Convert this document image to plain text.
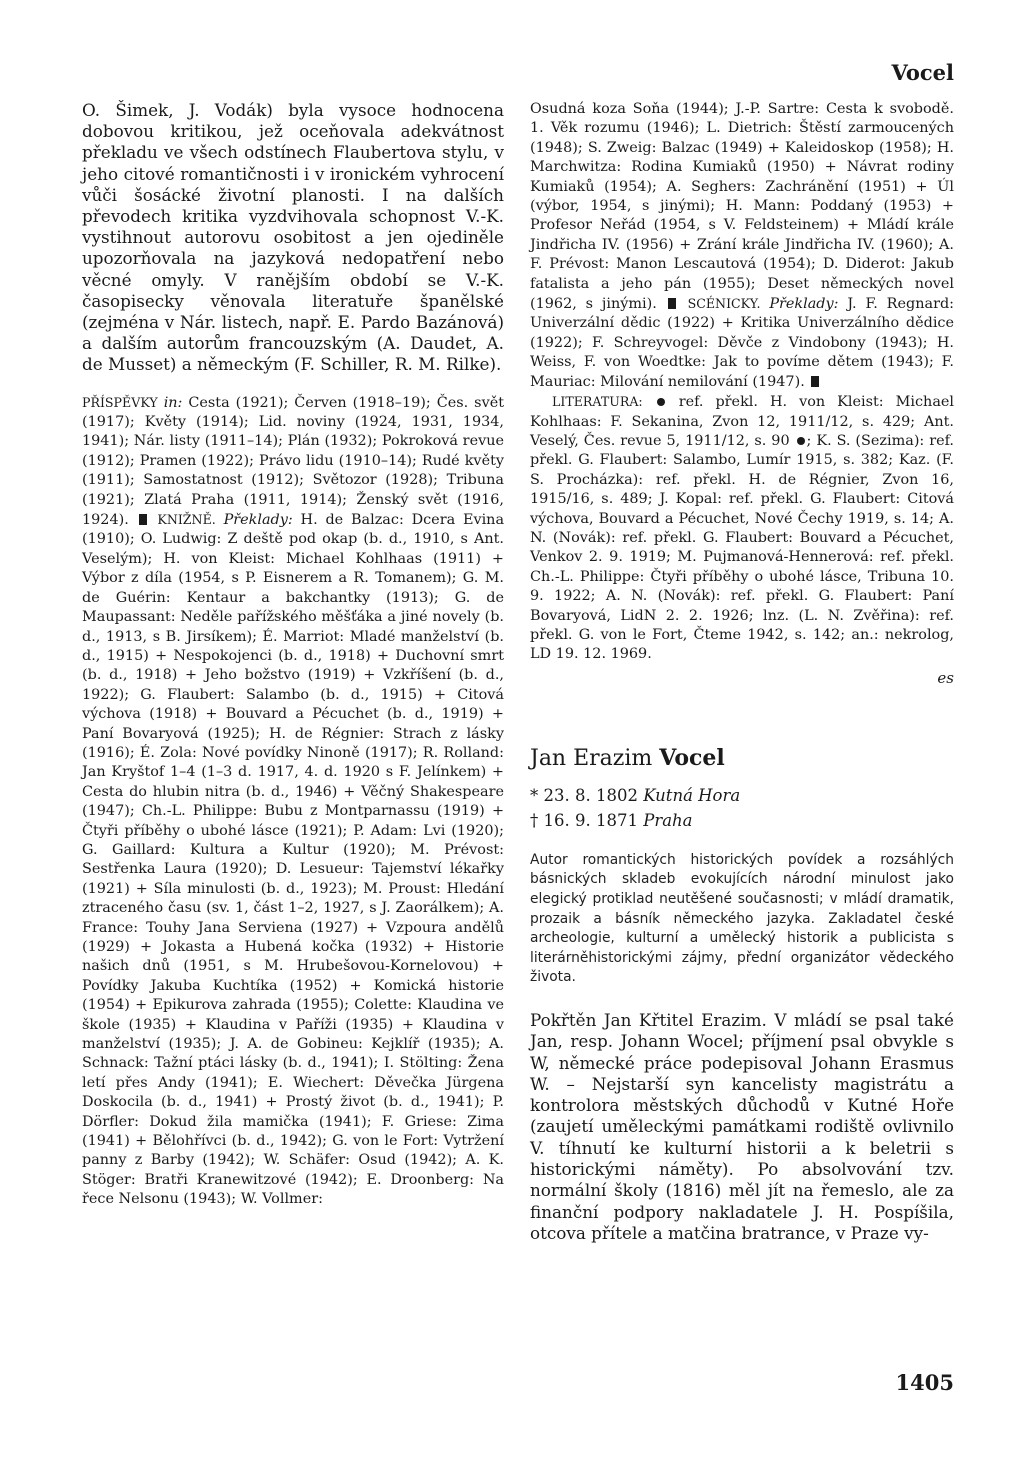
Vocel

O. Šimek, J. Vodák) byla vysoce hodnocena dobovou kritikou, jež oceňovala adekvátnost překladu ve všech odstínech Flaubertova stylu, v jeho citové romantičnosti i v ironickém vyhrocení vůči šosácké životní planosti. I na dalších převodech kritika vyzdvihovala schopnost V.-K. vystihnout autorovu osobitost a jen ojediněle upozorňovala na jazyková nedopatření nebo věcné omyly. V ranějším období se V.-K. časopisecky věnovala literatuře španělské (zejména v Nár. listech, např. E. Pardo Bazánová) a dalším autorům francouzským (A. Daudet, A. de Musset) a německým (F. Schiller, R. M. Rilke).

PŘÍSPĚVKY in: Cesta (1921); Červen (1918–19); Čes. svět (1917); Květy (1914); Lid. noviny (1924, 1931, 1934, 1941); Nár. listy (1911–14); Plán (1932); Pokroková revue (1912); Pramen (1922); Právo lidu (1910–14); Rudé květy (1911); Samostatnost (1912); Světozor (1928); Tribuna (1921); Zlatá Praha (1911, 1914); Ženský svět (1916, 1924). KNIŽNĚ. Překlady: H. de Balzac: Dcera Evina (1910); O. Ludwig: Z deště pod okap (b. d., 1910, s Ant. Veselým); H. von Kleist: Michael Kohlhaas (1911) + Výbor z díla (1954, s P. Eisnerem a R. Tomanem); G. M. de Guérin: Kentaur a bakchantky (1913); G. de Maupassant: Neděle pařížského měšťáka a jiné novely (b. d., 1913, s B. Jirsíkem); É. Marriot: Mladé manželství (b. d., 1915) + Nespokojenci (b. d., 1918) + Duchovní smrt (b. d., 1918) + Jeho božstvo (1919) + Vzkříšení (b. d., 1922); G. Flaubert: Salambo (b. d., 1915) + Citová výchova (1918) + Bouvard a Pécuchet (b. d., 1919) + Paní Bovaryová (1925); H. de Régnier: Strach z lásky (1916); É. Zola: Nové povídky Ninoně (1917); R. Rolland: Jan Kryštof 1–4 (1–3 d. 1917, 4. d. 1920 s F. Jelínkem) + Cesta do hlubin nitra (b. d., 1946) + Věčný Shakespeare (1947); Ch.-L. Philippe: Bubu z Montparnassu (1919) + Čtyři příběhy o ubohé lásce (1921); P. Adam: Lvi (1920); G. Gaillard: Kultura a Kultur (1920); M. Prévost: Sestřenka Laura (1920); D. Lesueur: Tajemství lékařky (1921) + Síla minulosti (b. d., 1923); M. Proust: Hledání ztraceného času (sv. 1, část 1–2, 1927, s J. Zaorálkem); A. France: Touhy Jana Serviena (1927) + Vzpoura andělů (1929) + Jokasta a Hubená kočka (1932) + Historie našich dnů (1951, s M. Hrubešovou-Kornelovou) + Povídky Jakuba Kuchtíka (1952) + Komická historie (1954) + Epikurova zahrada (1955); Colette: Klaudina ve škole (1935) + Klaudina v Paříži (1935) + Klaudina v manželství (1935); J. A. de Gobineu: Kejklíř (1935); A. Schnack: Tažní ptáci lásky (b. d., 1941); I. Stölting: Žena letí přes Andy (1941); E. Wiechert: Děvečka Jürgena Doskocila (b. d., 1941) + Prostý život (b. d., 1941); P. Dörfler: Dokud žila mamička (1941); F. Griese: Zima (1941) + Bělohřívci (b. d., 1942); G. von le Fort: Vytržení panny z Barby (1942); W. Schäfer: Osud (1942); A. K. Stöger: Bratři Kranewitzové (1942); E. Droonberg: Na řece Nelsonu (1943); W. Vollmer:

Osudná koza Soňa (1944); J.-P. Sartre: Cesta k svobodě. 1. Věk rozumu (1946); L. Dietrich: Štěstí zarmoucených (1948); S. Zweig: Balzac (1949) + Kaleidoskop (1958); H. Marchwitza: Rodina Kumiaků (1950) + Návrat rodiny Kumiaků (1954); A. Seghers: Zachránění (1951) + Úl (výbor, 1954, s jinými); H. Mann: Poddaný (1953) + Profesor Neřád (1954, s V. Feldsteinem) + Mládí krále Jindřicha IV. (1956) + Zrání krále Jindřicha IV. (1960); A. F. Prévost: Manon Lescautová (1954); D. Diderot: Jakub fatalista a jeho pán (1955); Deset německých novel (1962, s jinými). SCÉNICKY. Překlady: J. F. Regnard: Univerzální dědic (1922) + Kritika Univerzálního dědice (1922); F. Schreyvogel: Děvče z Vindobony (1943); H. Weiss, F. von Woedtke: Jak to povíme dětem (1943); F. Mauriac: Milování nemilování (1947).

LITERATURA:	ref. překl. H. von Kleist: Michael Kohlhaas: F. Sekanina, Zvon 12, 1911/12, s. 429; Ant. Veselý, Čes. revue 5, 1911/12, s. 90 ; K. S. (Sezima): ref. překl. G. Flaubert: Salambo, Lumír 1915, s. 382; Kaz. (F. S. Procházka): ref. překl. H. de Régnier, Zvon 16, 1915/16, s. 489; J. Kopal: ref. překl. G. Flaubert: Citová výchova, Bouvard a Pécuchet, Nové Čechy 1919, s. 14; A. N. (Novák): ref. překl. G. Flaubert: Bouvard a Pécuchet, Venkov 2. 9. 1919; M. Pujmanová-Hennerová: ref. překl. Ch.-L. Philippe: Čtyři příběhy o ubohé lásce, Tribuna 10. 9. 1922; A. N. (Novák): ref. překl. G. Flaubert: Paní Bovaryová, LidN 2. 2. 1926; lnz. (L. N. Zvěřina): ref. překl. G. von le Fort, Čteme 1942, s. 142; an.: nekrolog, LD 19. 12. 1969.

es
Jan Erazim Vocel
* 23. 8. 1802 Kutná Hora
† 16. 9. 1871 Praha

Autor romantických historických povídek a rozsáhlých básnických skladeb evokujících národní minulost jako elegický protiklad neutěšené současnosti; v mládí dramatik, prozaik a básník německého jazyka. Zakladatel české archeologie, kulturní a umělecký historik a publicista s literárněhistorickými zájmy, přední organizátor vědeckého života.

Pokřtěn Jan Křtitel Erazim. V mládí se psal také Jan, resp. Johann Wocel; příjmení psal obvykle s W, německé práce podepisoval Johann Erasmus W. – Nejstarší syn kancelisty magistrátu a kontrolora městských důchodů v Kutné Hoře (zaujetí uměleckými památkami rodiště ovlivnilo V. tíhnutí ke kulturní historii a k beletrii s historickými náměty). Po absolvování tzv. normální školy (1816) měl jít na řemeslo, ale za finanční podpory nakladatele J. H. Pospíšila, otcova přítele a matčina bratrance, v Praze vy-

1405
